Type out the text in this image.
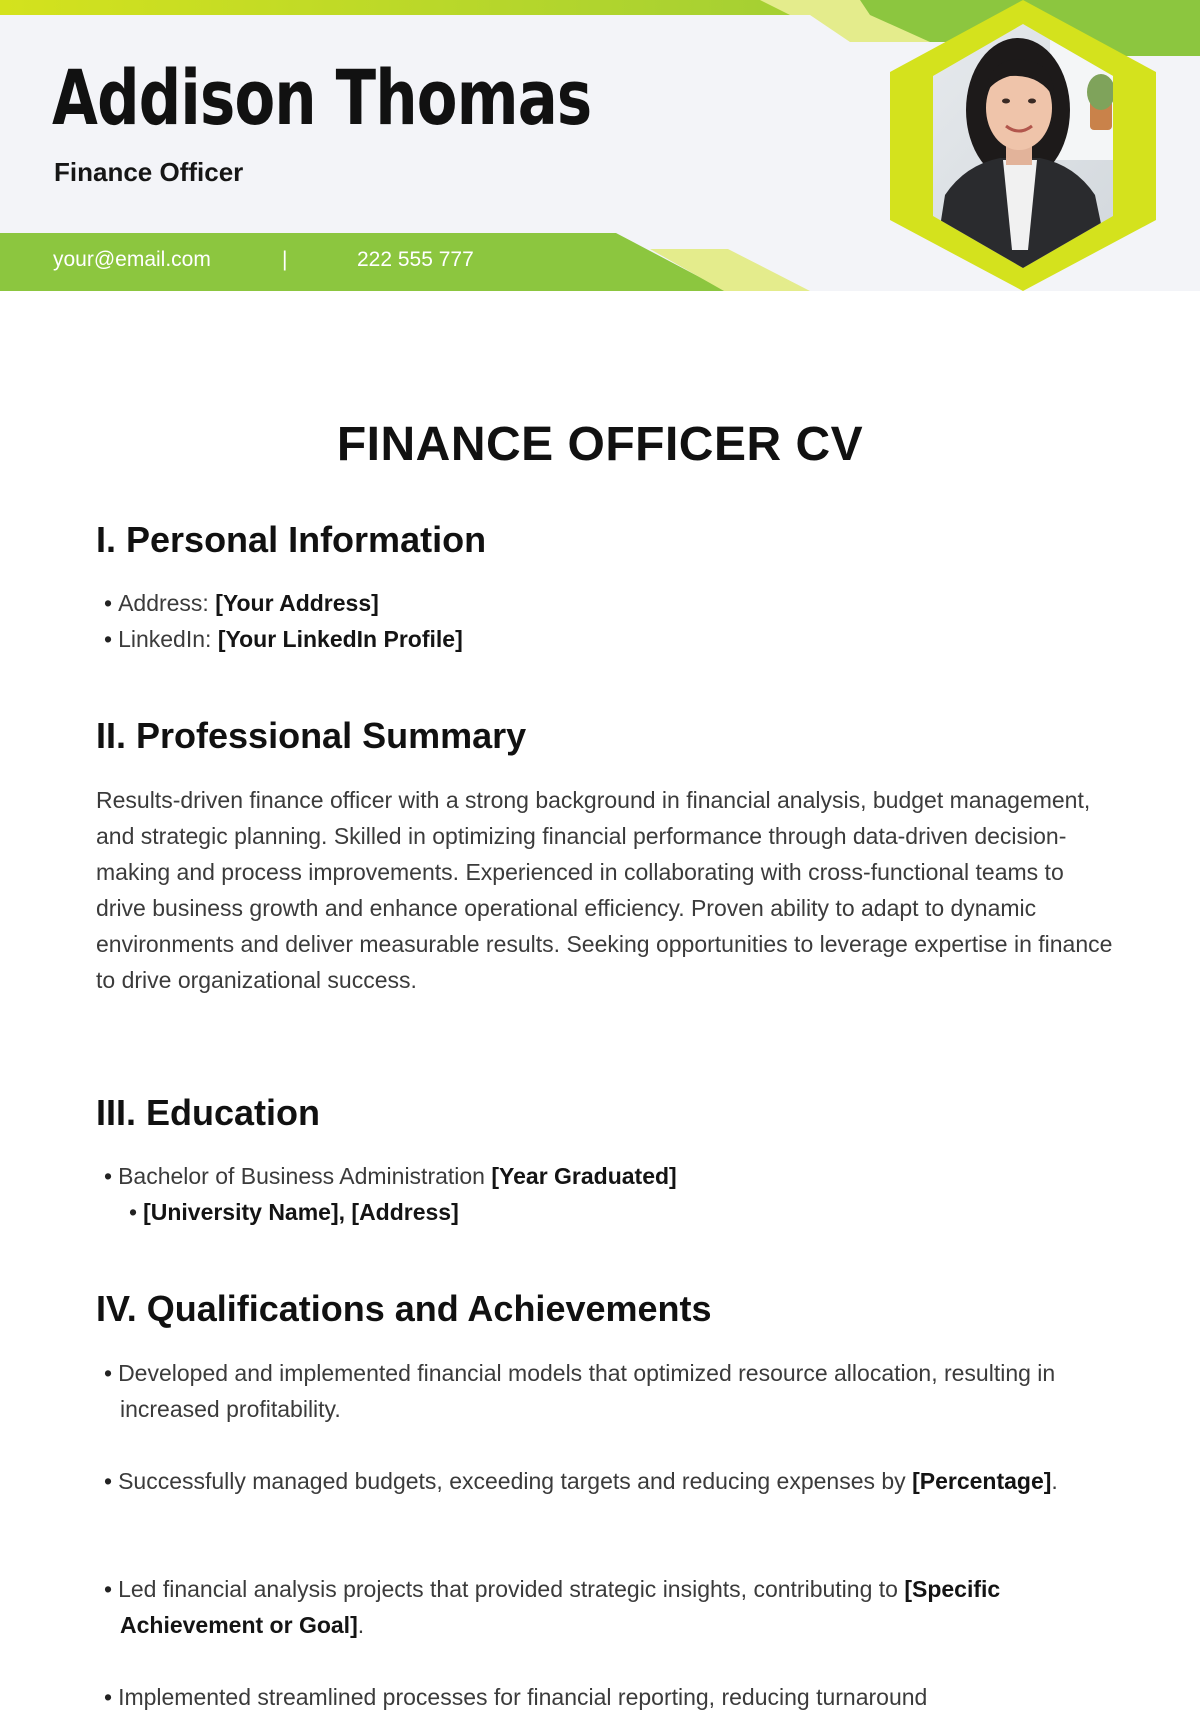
Addison Thomas
Finance Officer
your@email.com	|	222 555 777
FINANCE OFFICER CV
I. Personal Information
• Address: [Your Address]
• LinkedIn: [Your LinkedIn Profile]
II. Professional Summary

Results-driven finance officer with a strong background in financial analysis, budget management, and strategic planning. Skilled in optimizing financial performance through data-driven decision-making and process improvements. Experienced in collaborating with cross-functional teams to drive business growth and enhance operational efficiency. Proven ability to adapt to dynamic environments and deliver measurable results. Seeking opportunities to leverage expertise in finance to drive organizational success.

III. Education
• Bachelor of Business Administration [Year Graduated]
• [University Name], [Address]
IV. Qualifications and Achievements
• Developed and implemented financial models that optimized resource allocation, resulting in increased profitability.
• Successfully managed budgets, exceeding targets and reducing expenses by [Percentage].
• Led financial analysis projects that provided strategic insights, contributing to [Specific Achievement or Goal].
• Implemented streamlined processes for financial reporting, reducing turnaround
